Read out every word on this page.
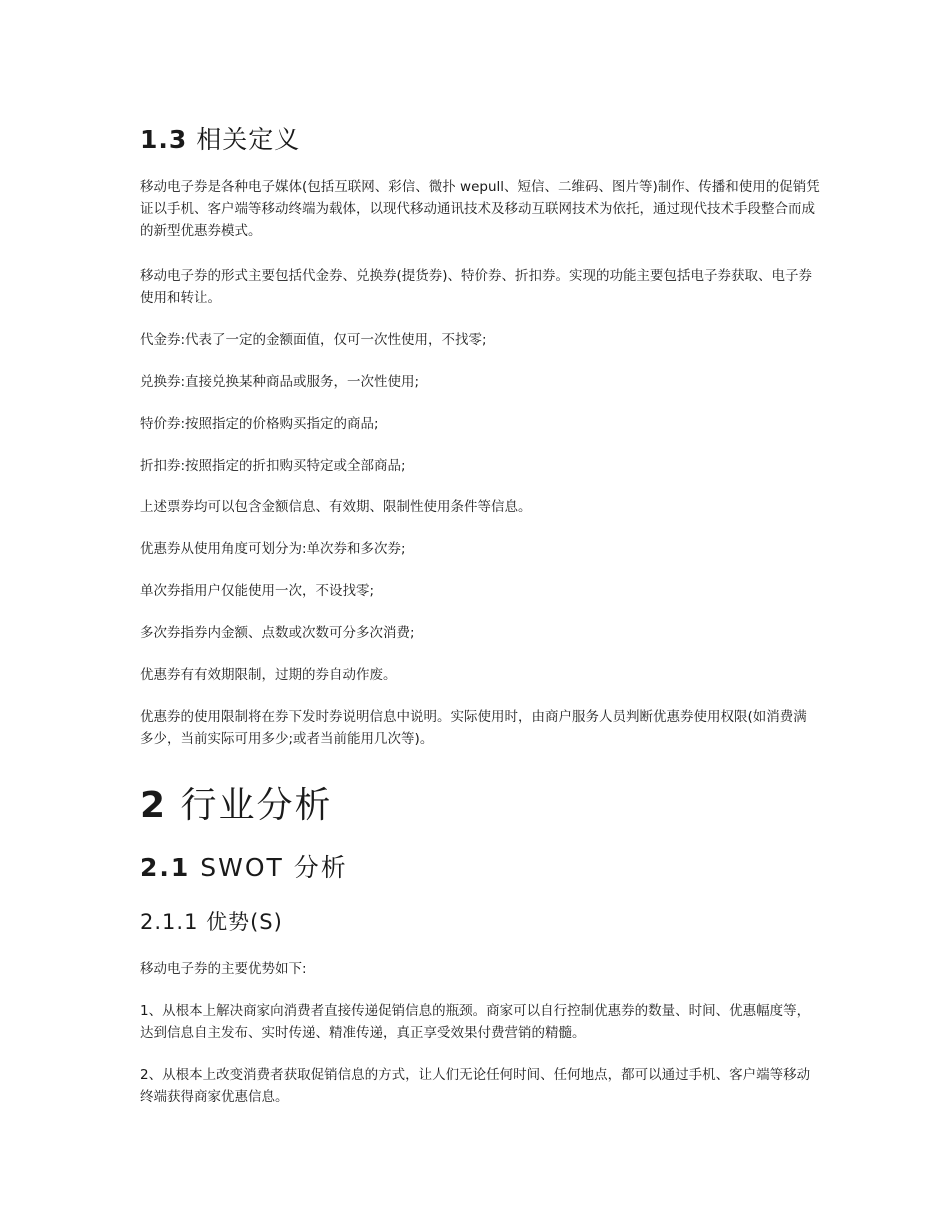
1.3 相关定义

移动电子券是各种电子媒体(包括互联网、彩信、微扑 wepull、短信、二维码、图片等)制作、传播和使用的促销凭证以手机、客户端等移动终端为载体，以现代移动通讯技术及移动互联网技术为依托，通过现代技术手段整合而成的新型优惠券模式。

移动电子券的形式主要包括代金券、兑换券(提货券)、特价券、折扣券。实现的功能主要包括电子券获取、电子券使用和转让。

代金券:代表了一定的金额面值，仅可一次性使用，不找零;

兑换券:直接兑换某种商品或服务，一次性使用;

特价券:按照指定的价格购买指定的商品;

折扣券:按照指定的折扣购买特定或全部商品;

上述票券均可以包含金额信息、有效期、限制性使用条件等信息。

优惠券从使用角度可划分为:单次券和多次券;

单次券指用户仅能使用一次，不设找零;

多次券指券内金额、点数或次数可分多次消费;

优惠券有有效期限制，过期的券自动作废。

优惠券的使用限制将在券下发时券说明信息中说明。实际使用时，由商户服务人员判断优惠券使用权限(如消费满多少，当前实际可用多少;或者当前能用几次等)。

2 行业分析
2.1 SWOT 分析
2.1.1 优势(S)

移动电子券的主要优势如下:

1、从根本上解决商家向消费者直接传递促销信息的瓶颈。商家可以自行控制优惠券的数量、时间、优惠幅度等，达到信息自主发布、实时传递、精准传递，真正享受效果付费营销的精髓。

2、从根本上改变消费者获取促销信息的方式，让人们无论任何时间、任何地点，都可以通过手机、客户端等移动终端获得商家优惠信息。
